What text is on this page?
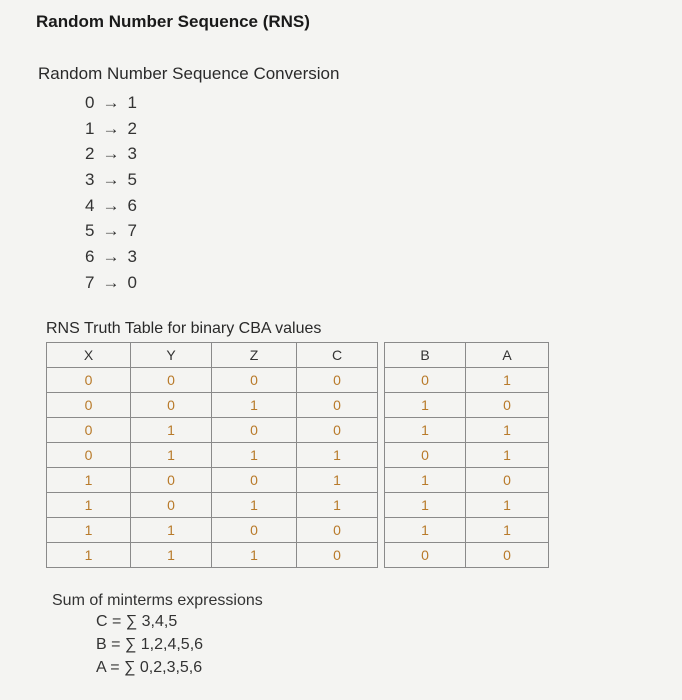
Random Number Sequence (RNS)
Random Number Sequence Conversion
0 → 1
1 → 2
2 → 3
3 → 5
4 → 6
5 → 7
6 → 3
7 → 0
RNS Truth Table for binary CBA values
X	Y	Z	C		B	A
0	0	0	0		0	1
0	0	1	0		1	0
0	1	0	0		1	1
0	1	1	1		0	1
1	0	0	1		1	0
1	0	1	1		1	1
1	1	0	0		1	1
1	1	1	0		0	0
Sum of minterms expressions
C = ∑ 3,4,5
B = ∑ 1,2,4,5,6
A = ∑ 0,2,3,5,6
